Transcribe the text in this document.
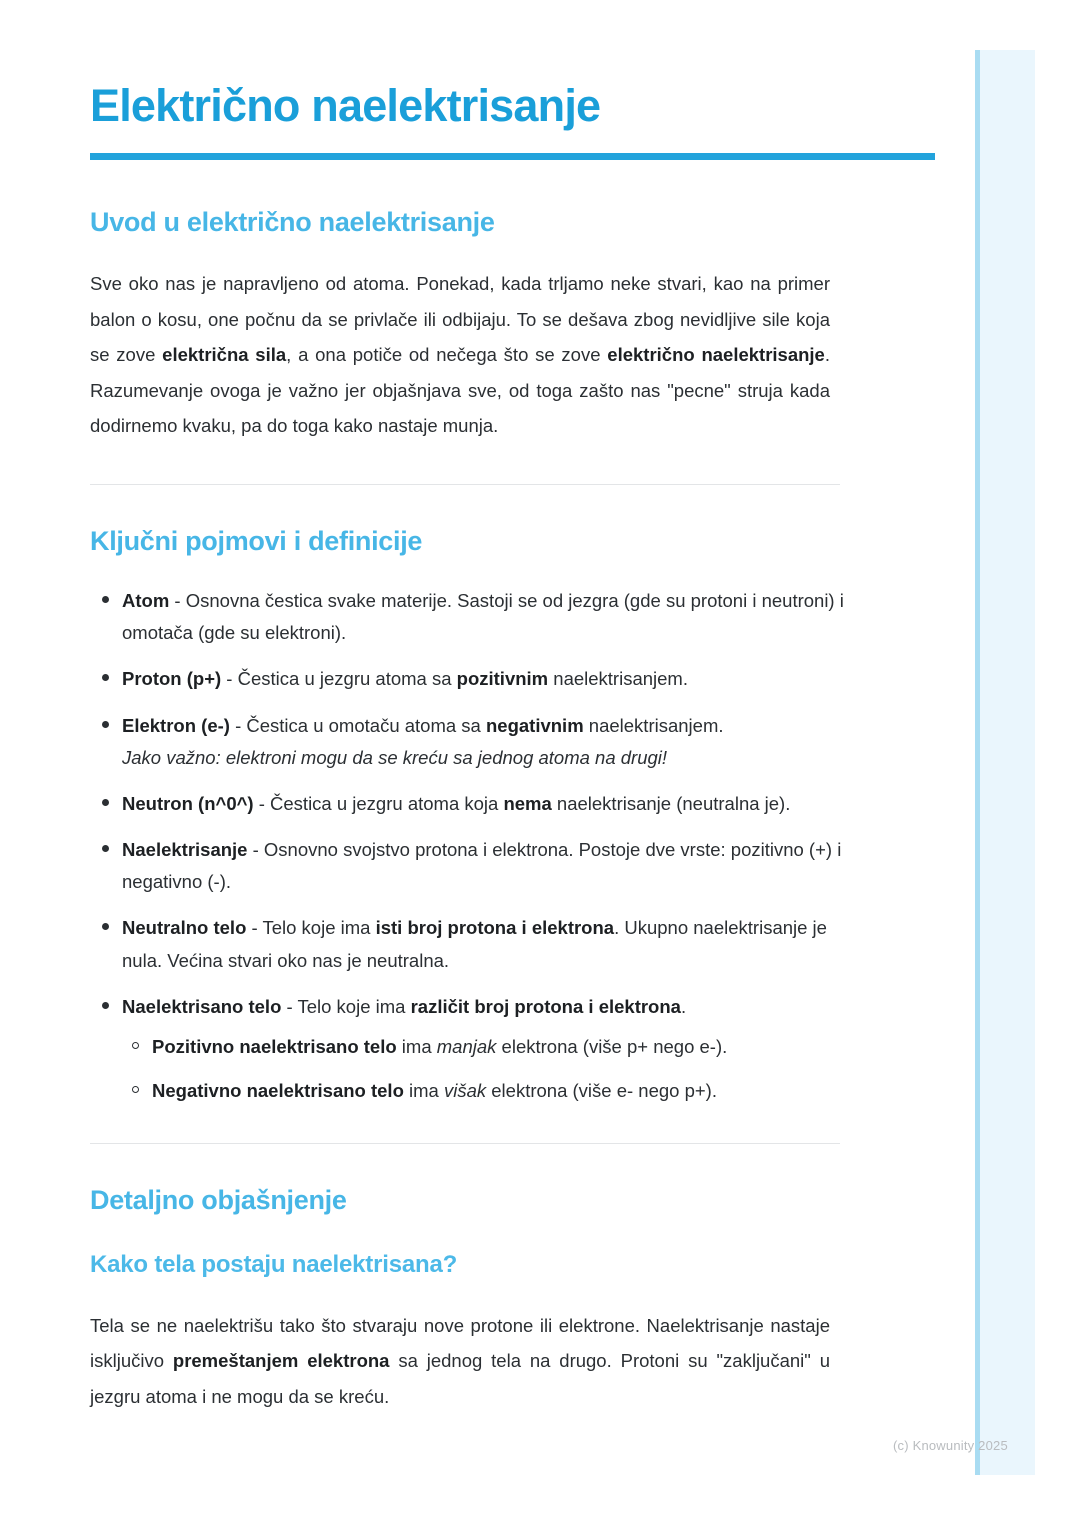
Električno naelektrisanje
Uvod u električno naelektrisanje

Sve oko nas je napravljeno od atoma. Ponekad, kada trljamo neke stvari, kao na primer balon o kosu, one počnu da se privlače ili odbijaju. To se dešava zbog nevidljive sile koja se zove električna sila, a ona potiče od nečega što se zove električno naelektrisanje. Razumevanje ovoga je važno jer objašnjava sve, od toga zašto nas "pecne" struja kada dodirnemo kvaku, pa do toga kako nastaje munja.

Ključni pojmovi i definicije
Atom - Osnovna čestica svake materije. Sastoji se od jezgra (gde su protoni i neutroni) i omotača (gde su elektroni).
Proton (p+) - Čestica u jezgru atoma sa pozitivnim naelektrisanjem.
Elektron (e-) - Čestica u omotaču atoma sa negativnim naelektrisanjem.
Jako važno: elektroni mogu da se kreću sa jednog atoma na drugi!
Neutron (n^0^) - Čestica u jezgru atoma koja nema naelektrisanje (neutralna je).
Naelektrisanje - Osnovno svojstvo protona i elektrona. Postoje dve vrste: pozitivno (+) i negativno (-).
Neutralno telo - Telo koje ima isti broj protona i elektrona. Ukupno naelektrisanje je nula. Većina stvari oko nas je neutralna.
Naelektrisano telo - Telo koje ima različit broj protona i elektrona.
Pozitivno naelektrisano telo ima manjak elektrona (više p+ nego e-).
Negativno naelektrisano telo ima višak elektrona (više e- nego p+).
Detaljno objašnjenje
Kako tela postaju naelektrisana?

Tela se ne naelektrišu tako što stvaraju nove protone ili elektrone. Naelektrisanje nastaje isključivo premeštanjem elektrona sa jednog tela na drugo. Protoni su "zaključani" u jezgru atoma i ne mogu da se kreću.

(c) Knowunity 2025
